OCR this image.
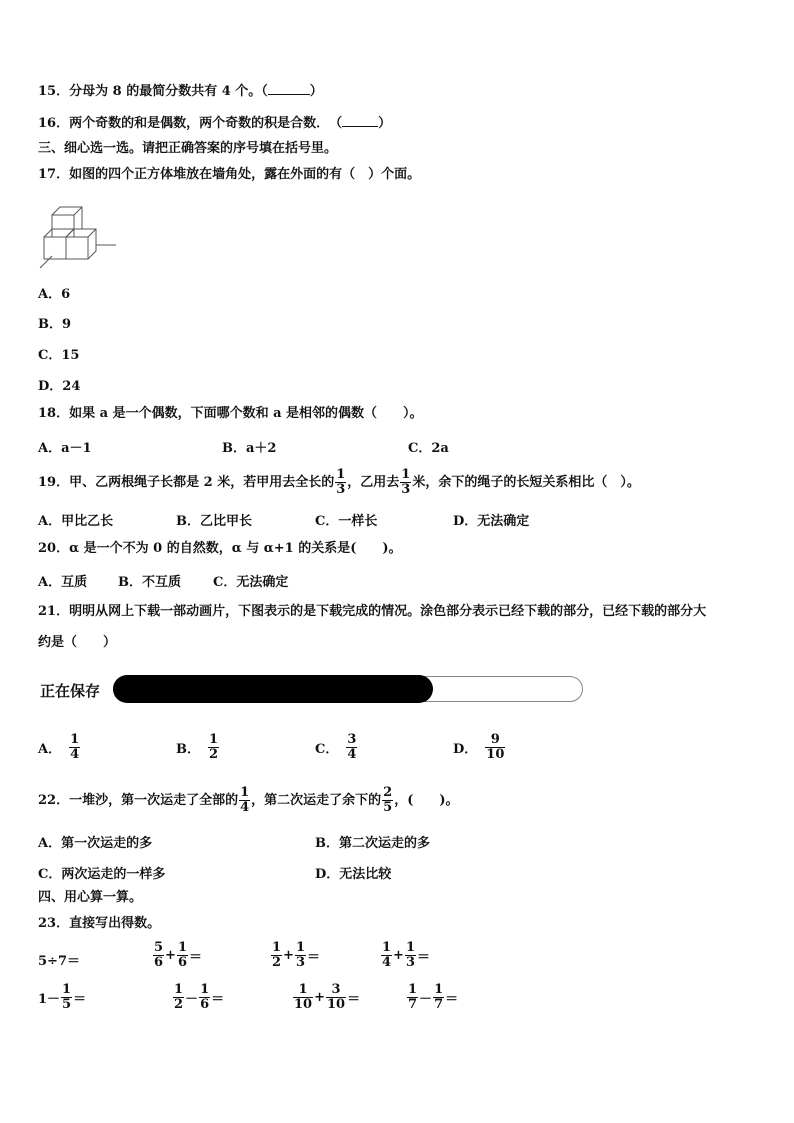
15．分母为 8 的最简分数共有 4 个。（	）
16．两个奇数的和是偶数，两个奇数的积是合数．　（	）
三、细心选一选。请把正确答案的序号填在括号里。
17．如图的四个正方体堆放在墙角处，露在外面的有（　）个面。
A．6
B．9
C．15
D．24
18．如果 a 是一个偶数，下面哪个数和 a 是相邻的偶数（　　）。
A．a－1	B．a＋2	C．2a
19．甲、乙两根绳子长都是 2 米，若甲用去全长的 $\frac{1}{3}$ ，乙用去 $\frac{1}{3}$ 米，余下的绳子的长短关系相比（　）。
A．甲比乙长	B．乙比甲长	C．一样长	D．无法确定
20．α 是一个不为 0 的自然数，α 与 α+1 的关系是(　　)。
A．互质 B．不互质 C．无法确定
21．明明从网上下载一部动画片，下图表示的是下载完成的情况。涂色部分表示已经下载的部分，已经下载的部分大
约是（　　）
正在保存
A． $\frac{1}{4}$	B． $\frac{1}{2}$	C． $\frac{3}{4}$	D． $\frac{9}{10}$
22．一堆沙，第一次运走了全部的 $\frac{1}{4}$ ，第二次运走了余下的 $\frac{2}{5}$ ，(　　)。
A．第一次运走的多	B．第二次运走的多
C．两次运走的一样多	D．无法比较
四、用心算一算。
23．直接写出得数。
5÷7＝	$\frac{5}{6} + \frac{1}{6}$ ＝	$\frac{1}{2} + \frac{1}{3}$ ＝	$\frac{1}{4} + \frac{1}{3}$ ＝
$1- \frac{1}{5}$ ＝	$\frac{1}{2} - \frac{1}{6}$ ＝	$\frac{1}{10} + \frac{3}{10}$ ＝	$\frac{1}{7} - \frac{1}{7}$ ＝
